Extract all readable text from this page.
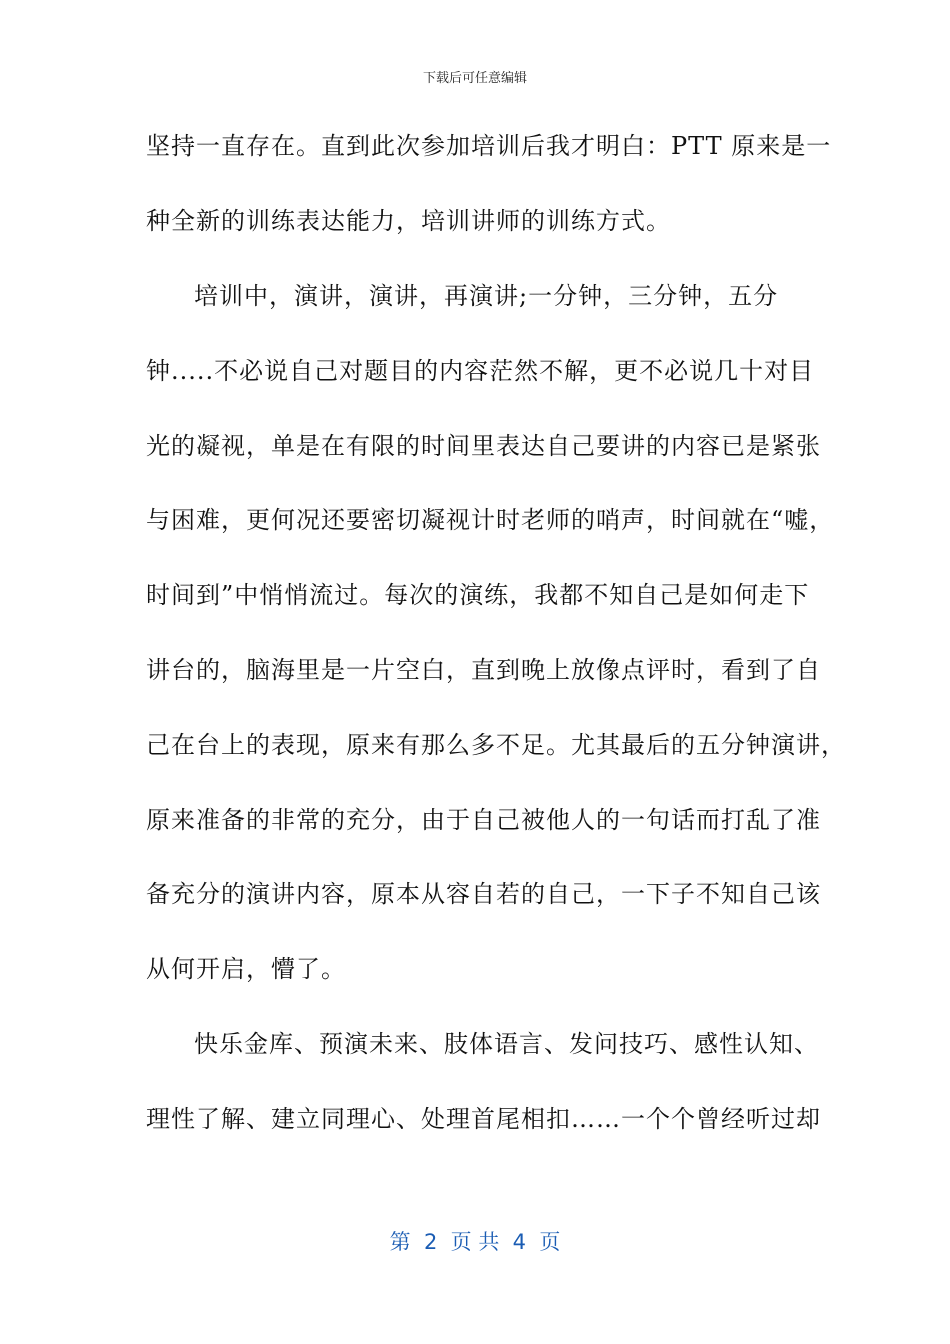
下载后可任意编辑
坚持一直存在。直到此次参加培训后我才明白：PTT 原来是一
种全新的训练表达能力，培训讲师的训练方式。
培训中，演讲，演讲，再演讲;一分钟，三分钟，五分
钟.....不必说自己对题目的内容茫然不解，更不必说几十对目
光的凝视，单是在有限的时间里表达自己要讲的内容已是紧张
与困难，更何况还要密切凝视计时老师的哨声，时间就在“嘘，
时间到”中悄悄流过。每次的演练，我都不知自己是如何走下
讲台的，脑海里是一片空白，直到晚上放像点评时，看到了自
己在台上的表现，原来有那么多不足。尤其最后的五分钟演讲，
原来准备的非常的充分，由于自己被他人的一句话而打乱了准
备充分的演讲内容，原本从容自若的自己，一下子不知自己该
从何开启，懵了。
快乐金库、预演未来、肢体语言、发问技巧、感性认知、
理性了解、建立同理心、处理首尾相扣……一个个曾经听过却
第  2  页 共  4  页
